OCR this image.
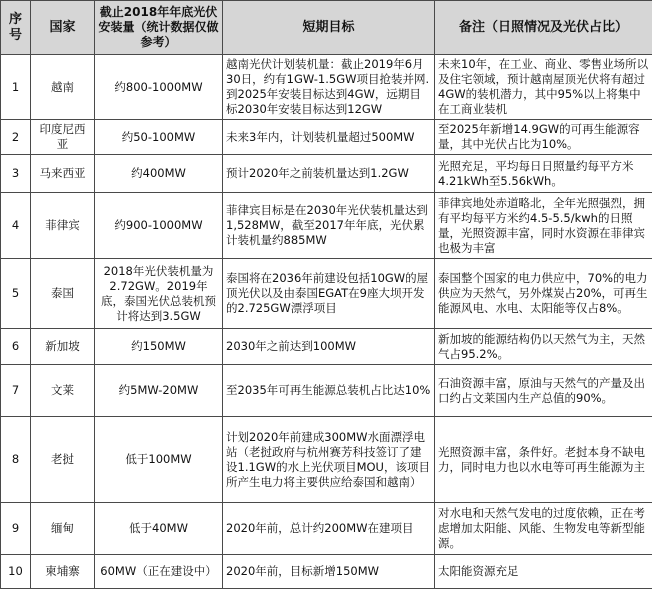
序号	国家	截止2018年年底光伏安装量（统计数据仅做参考）	短期目标	备注（日照情况及光伏占比）
1	越南	约800-1000MW	越南光伏计划装机量：截止2019年6月30日，约有1GW-1.5GW项目抢装并网.到2025年安装目标达到4GW，远期目标2030年安装目标达到12GW	未来10年，在工业、商业、零售业场所以及住宅领域，预计越南屋顶光伏将有超过4GW的装机潜力，其中95%以上将集中在工商业装机
2	印度尼西亚	约50-100MW	未来3年内，计划装机量超过500MW	至2025年新增14.9GW的可再生能源容量，其中光伏占比为10%。
3	马来西亚	约400MW	预计2020年之前装机量达到1.2GW	光照充足，平均每日日照量约每平方米4.21kWh至5.56kWh。
4	菲律宾	约900-1000MW	菲律宾目标是在2030年光伏装机量达到1,528MW，截至2017年年底，光伏累计装机量约885MW	菲律宾地处赤道略北，全年光照强烈，拥有平均每平方米约4.5-5.5/kwh的日照量，光照资源丰富，同时水资源在菲律宾也极为丰富
5	泰国	2018年光伏装机量为2.72GW。2019年底，泰国光伏总装机预计将达到3.5GW	泰国将在2036年前建设包括10GW的屋顶光伏以及由泰国EGAT在9座大坝开发的2.725GW漂浮项目	泰国整个国家的电力供应中，70%的电力供应为天然气，另外煤炭占20%，可再生能源风电、水电、太阳能等仅占8%。
6	新加坡	约150MW	2030年之前达到100MW	新加坡的能源结构仍以天然气为主，天然气占95.2%。
7	文莱	约5MW-20MW	至2035年可再生能源总装机占比达10%	石油资源丰富，原油与天然气的产量及出口约占文莱国内生产总值的90%。
8	老挝	低于100MW	计划2020年前建成300MW水面漂浮电站（老挝政府与杭州赛芳科技签订了建设1.1GW的水上光伏项目MOU，该项目所产生电力将主要供应给泰国和越南）	光照资源丰富，条件好。老挝本身不缺电力，同时电力也以水电等可再生能源为主
9	缅甸	低于40MW	2020年前，总计约200MW在建项目	对水电和天然气发电的过度依赖，正在考虑增加太阳能、风能、生物发电等新型能源。
10	柬埔寨	60MW（正在建设中）	2020年前，目标新增150MW	太阳能资源充足
